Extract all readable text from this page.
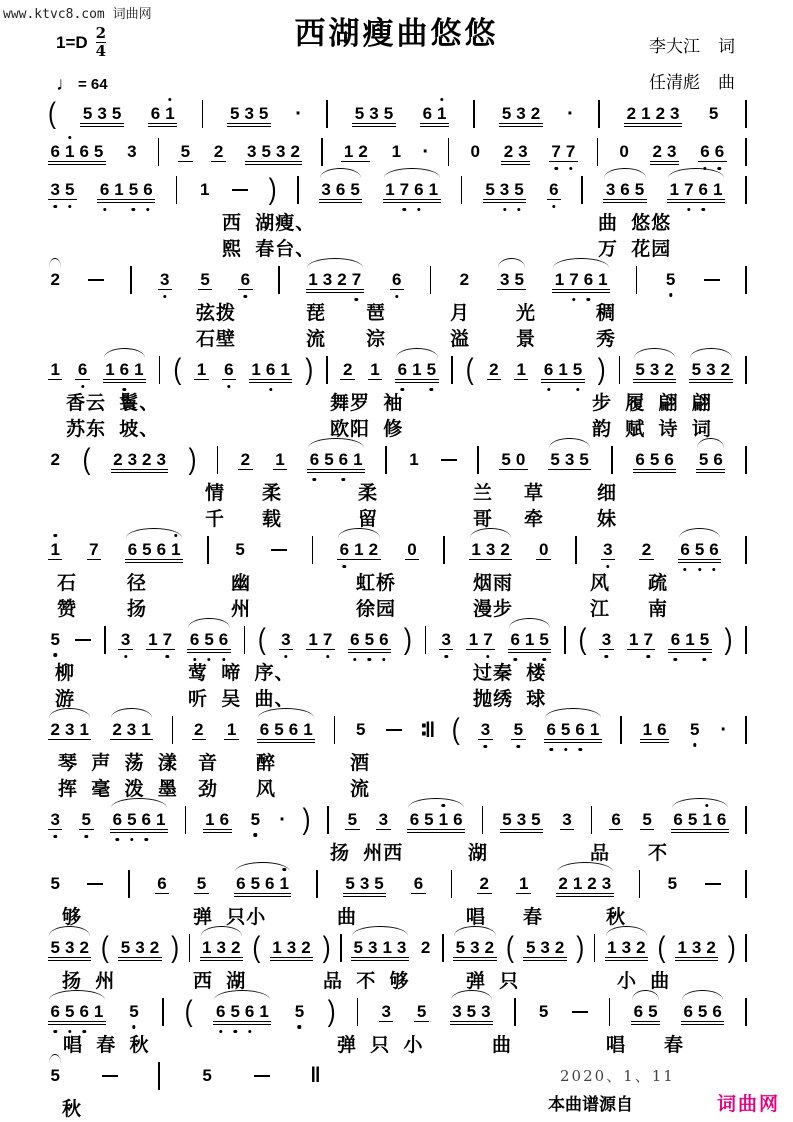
www.ktvc8.com 词曲网
$1=D \frac{2}{4}$
♩ = 64
西湖瘦曲悠悠	李大江 词
任清彪 曲
( 5 3 5 6 1	5 3 5 ·	5 3 5 6 1	5 3 2 ·	2 1 2 3 5
6 1 6 5 3	5 2 3 5 3 2	1 2 1 · 0 2 3 7 7	0 2 3 6 6
3 5 6 1 5 6	1 )	3 6 5 1 7 6 1	5 3 5 6	3 6 5 1 7 6 1
西 湖瘦、	曲 悠悠
熙 春台、	万 花园
2	3 5 6	1 3 2 7 6	2 3 5 1 7 6 1	5
弦拨	琵 琶	月 光	稠
石壁	流 淙	溢 景	秀
1 6 1 6 1 ( 1 6 1 6 1 ) 2 1 6 1 5 ( 2 1 6 1 5 ) 5 3 2 5 3 2
香云 鬟、	舞罗 袖	步 履 翩 翩
苏东 坡、	欧阳 修	韵 赋 诗 词
2 ( 2 3 2 3 )	2 1 6 5 6 1	1	5 0 5 3 5	6 5 6 5 6
情 柔	柔	兰 草	细
千 载	留	哥 牵	妹
1 7 6 5 6 1	5	6 1 2 0	1 3 2 0	3 2 6 5 6
石	径	幽	虹桥	烟雨	风 疏
赞	扬	州	徐园	漫步	江 南
5	3 1 7 6 5 6 ( 3 1 7 6 5 6 ) 3 1 7 6 1 5 ( 3 1 7 6 1 5 )
柳	莺 啼 序、	过秦 楼
游	听 吴 曲、	抛绣 球
2 3 1 2 3 1	2 1 6 5 6 1	5	∶‖ ( 3 5 6 5 6 1	1 6 5 ·
琴 声 荡 漾 音 醉	酒
挥 毫 泼 墨 劲 风	流
3 5 6 5 6 1 1 6 5 · ) 5 3 6 5 1 6 5 3 5 3 6 5 6 5 1 6
扬 州西	湖	品 不
5	6 5 6 5 6 1	5 3 5 6	2 1 2 1 2 3	5
够	弹 只小	曲	唱 春	秋
5 3 2 ( 5 3 2 ) 1 3 2 ( 1 3 2 ) 5 3 1 3 2 5 3 2 ( 5 3 2 ) 1 3 2 ( 1 3 2 )
扬 州	西 湖	品 不 够	弹 只	小 曲
6 5 6 1 5 ( 6 5 6 1 5 )	3 5 3 5 3	5	6 5 6 5 6
唱 春 秋	弹 只 小	曲	唱 春
5	5	‖
秋
2020、1、11
本曲谱源自	词曲网
